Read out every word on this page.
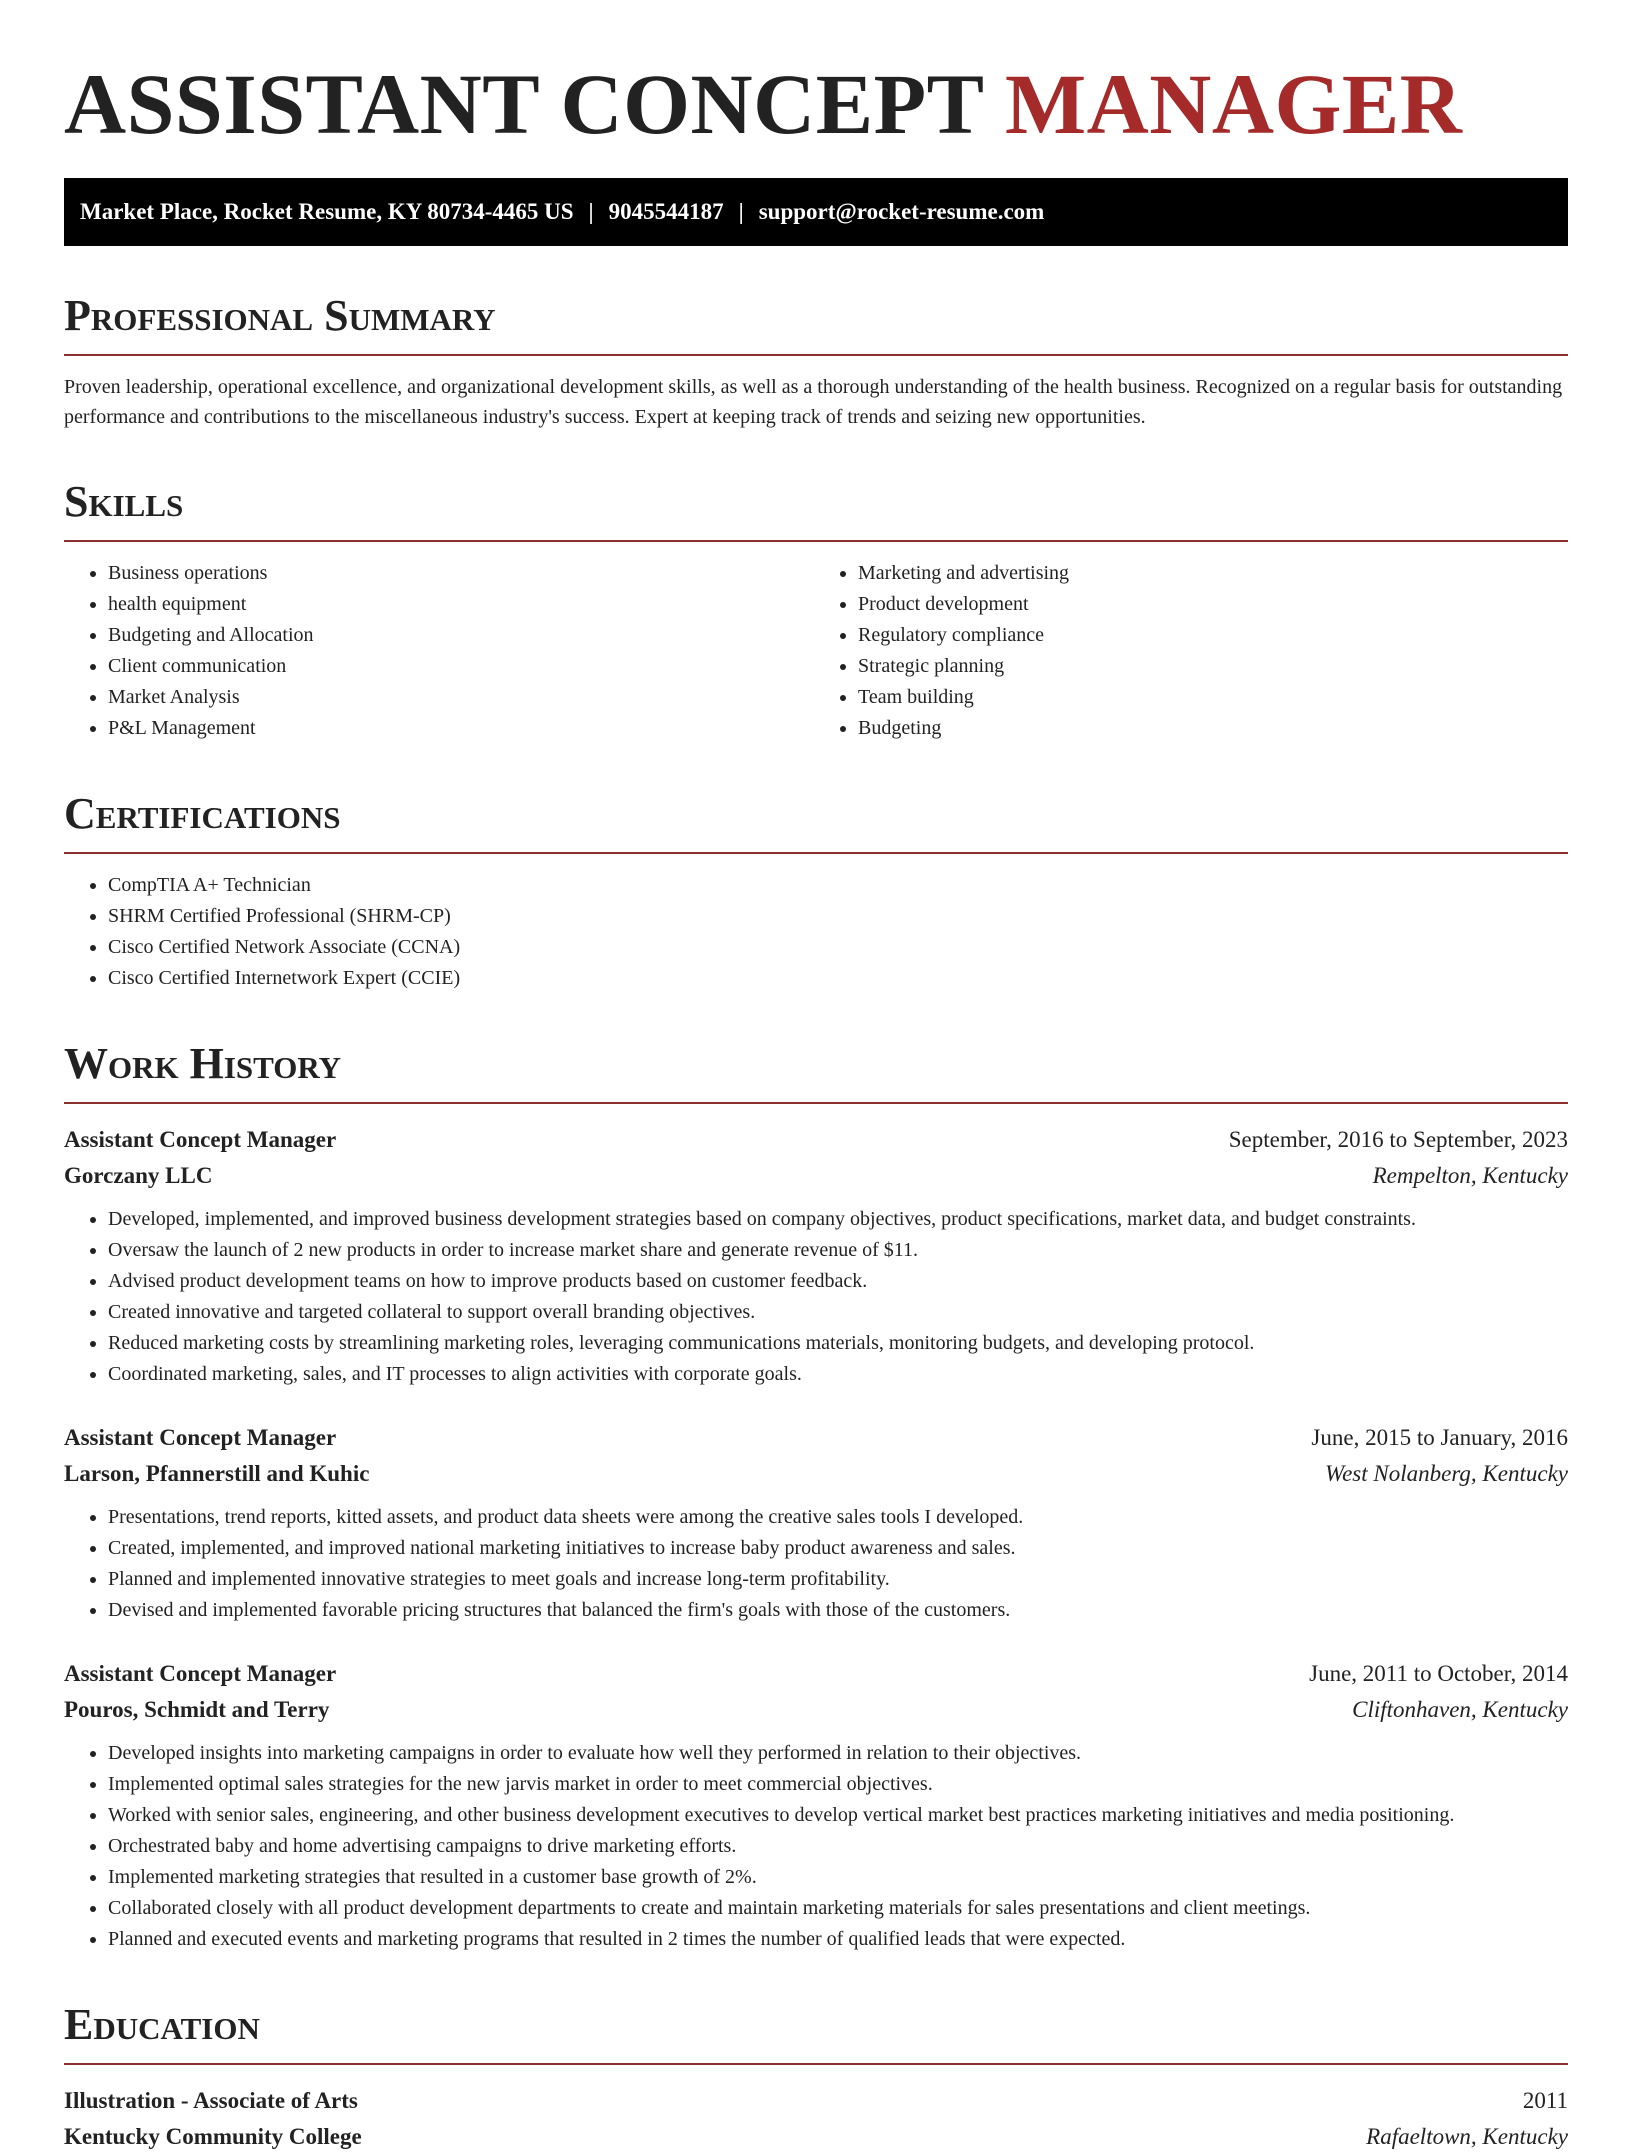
ASSISTANT CONCEPT MANAGER
Market Place, Rocket Resume, KY 80734-4465 US | 9045544187 | support@rocket-resume.com
Professional Summary

Proven leadership, operational excellence, and organizational development skills, as well as a thorough understanding of the health business. Recognized on a regular basis for outstanding performance and contributions to the miscellaneous industry's success. Expert at keeping track of trends and seizing new opportunities.

Skills
• Business operations
• health equipment
• Budgeting and Allocation
• Client communication
• Market Analysis
• P&L Management
• Marketing and advertising
• Product development
• Regulatory compliance
• Strategic planning
• Team building
• Budgeting
Certifications
• CompTIA A+ Technician
• SHRM Certified Professional (SHRM-CP)
• Cisco Certified Network Associate (CCNA)
• Cisco Certified Internetwork Expert (CCIE)
Work History
Assistant Concept Manager	September, 2016 to September, 2023
Gorczany LLC	Rempelton, Kentucky
• Developed, implemented, and improved business development strategies based on company objectives, product specifications, market data, and budget constraints.
• Oversaw the launch of 2 new products in order to increase market share and generate revenue of $11.
• Advised product development teams on how to improve products based on customer feedback.
• Created innovative and targeted collateral to support overall branding objectives.
• Reduced marketing costs by streamlining marketing roles, leveraging communications materials, monitoring budgets, and developing protocol.
• Coordinated marketing, sales, and IT processes to align activities with corporate goals.
Assistant Concept Manager	June, 2015 to January, 2016
Larson, Pfannerstill and Kuhic	West Nolanberg, Kentucky
• Presentations, trend reports, kitted assets, and product data sheets were among the creative sales tools I developed.
• Created, implemented, and improved national marketing initiatives to increase baby product awareness and sales.
• Planned and implemented innovative strategies to meet goals and increase long-term profitability.
• Devised and implemented favorable pricing structures that balanced the firm's goals with those of the customers.
Assistant Concept Manager	June, 2011 to October, 2014
Pouros, Schmidt and Terry	Cliftonhaven, Kentucky
• Developed insights into marketing campaigns in order to evaluate how well they performed in relation to their objectives.
• Implemented optimal sales strategies for the new jarvis market in order to meet commercial objectives.
• Worked with senior sales, engineering, and other business development executives to develop vertical market best practices marketing initiatives and media positioning.
• Orchestrated baby and home advertising campaigns to drive marketing efforts.
• Implemented marketing strategies that resulted in a customer base growth of 2%.
• Collaborated closely with all product development departments to create and maintain marketing materials for sales presentations and client meetings.
• Planned and executed events and marketing programs that resulted in 2 times the number of qualified leads that were expected.
Education
Illustration - Associate of Arts	2011
Kentucky Community College	Rafaeltown, Kentucky
